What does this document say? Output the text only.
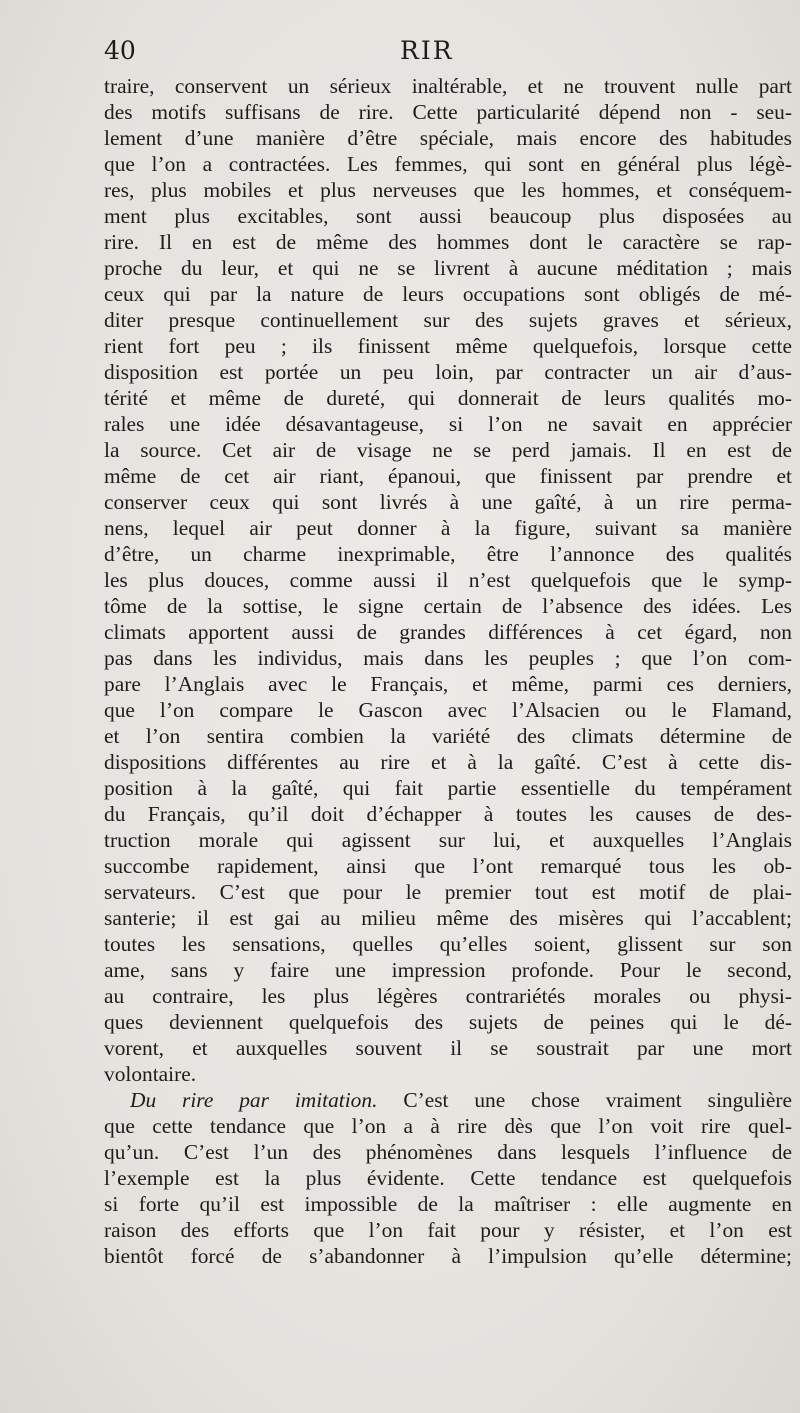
40	RIR
traire, conservent un sérieux inaltérable, et ne trouvent nulle part
des motifs suffisans de rire. Cette particularité dépend non - seu-
lement d’une manière d’être spéciale, mais encore des habitudes
que l’on a contractées. Les femmes, qui sont en général plus légè-
res, plus mobiles et plus nerveuses que les hommes, et conséquem-
ment plus excitables, sont aussi beaucoup plus disposées au
rire. Il en est de même des hommes dont le caractère se rap-
proche du leur, et qui ne se livrent à aucune méditation ; mais
ceux qui par la nature de leurs occupations sont obligés de mé-
diter presque continuellement sur des sujets graves et sérieux,
rient fort peu ; ils finissent même quelquefois, lorsque cette
disposition est portée un peu loin, par contracter un air d’aus-
térité et même de dureté, qui donnerait de leurs qualités mo-
rales une idée désavantageuse, si l’on ne savait en apprécier
la source. Cet air de visage ne se perd jamais. Il en est de
même de cet air riant, épanoui, que finissent par prendre et
conserver ceux qui sont livrés à une gaîté, à un rire perma-
nens, lequel air peut donner à la figure, suivant sa manière
d’être, un charme inexprimable, être l’annonce des qualités
les plus douces, comme aussi il n’est quelquefois que le symp-
tôme de la sottise, le signe certain de l’absence des idées. Les
climats apportent aussi de grandes différences à cet égard, non
pas dans les individus, mais dans les peuples ; que l’on com-
pare l’Anglais avec le Français, et même, parmi ces derniers,
que l’on compare le Gascon avec l’Alsacien ou le Flamand,
et l’on sentira combien la variété des climats détermine de
dispositions différentes au rire et à la gaîté. C’est à cette dis-
position à la gaîté, qui fait partie essentielle du tempérament
du Français, qu’il doit d’échapper à toutes les causes de des-
truction morale qui agissent sur lui, et auxquelles l’Anglais
succombe rapidement, ainsi que l’ont remarqué tous les ob-
servateurs. C’est que pour le premier tout est motif de plai-
santerie; il est gai au milieu même des misères qui l’accablent;
toutes les sensations, quelles qu’elles soient, glissent sur son
ame, sans y faire une impression profonde. Pour le second,
au contraire, les plus légères contrariétés morales ou physi-
ques deviennent quelquefois des sujets de peines qui le dé-
vorent, et auxquelles souvent il se soustrait par une mort
volontaire.
Du rire par imitation. C’est une chose vraiment singulière
que cette tendance que l’on a à rire dès que l’on voit rire quel-
qu’un. C’est l’un des phénomènes dans lesquels l’influence de
l’exemple est la plus évidente. Cette tendance est quelquefois
si forte qu’il est impossible de la maîtriser : elle augmente en
raison des efforts que l’on fait pour y résister, et l’on est
bientôt forcé de s’abandonner à l’impulsion qu’elle détermine;
